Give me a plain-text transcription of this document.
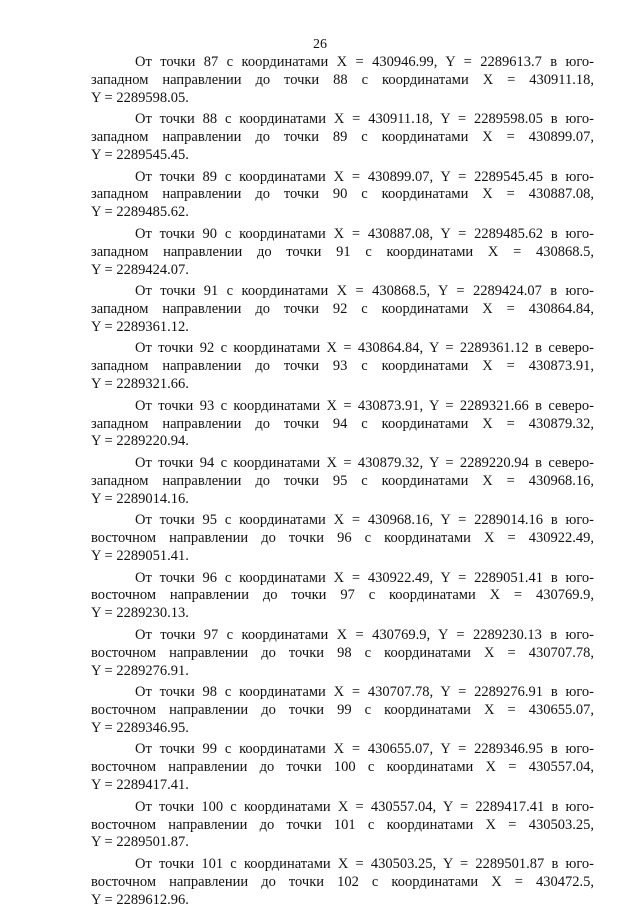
26

От точки 87 с координатами X = 430946.99, Y = 2289613.7 в юго-
западном направлении до точки 88 с координатами X = 430911.18,
Y = 2289598.05.

От точки 88 с координатами X = 430911.18, Y = 2289598.05 в юго-
западном направлении до точки 89 с координатами X = 430899.07,
Y = 2289545.45.

От точки 89 с координатами X = 430899.07, Y = 2289545.45 в юго-
западном направлении до точки 90 с координатами X = 430887.08,
Y = 2289485.62.

От точки 90 с координатами X = 430887.08, Y = 2289485.62 в юго-
западном направлении до точки 91 с координатами X = 430868.5,
Y = 2289424.07.

От точки 91 с координатами X = 430868.5, Y = 2289424.07 в юго-
западном направлении до точки 92 с координатами X = 430864.84,
Y = 2289361.12.

От точки 92 с координатами X = 430864.84, Y = 2289361.12 в северо-
западном направлении до точки 93 с координатами X = 430873.91,
Y = 2289321.66.

От точки 93 с координатами X = 430873.91, Y = 2289321.66 в северо-
западном направлении до точки 94 с координатами X = 430879.32,
Y = 2289220.94.

От точки 94 с координатами X = 430879.32, Y = 2289220.94 в северо-
западном направлении до точки 95 с координатами X = 430968.16,
Y = 2289014.16.

От точки 95 с координатами X = 430968.16, Y = 2289014.16 в юго-
восточном направлении до точки 96 с координатами X = 430922.49,
Y = 2289051.41.

От точки 96 с координатами X = 430922.49, Y = 2289051.41 в юго-
восточном направлении до точки 97 с координатами X = 430769.9,
Y = 2289230.13.

От точки 97 с координатами X = 430769.9, Y = 2289230.13 в юго-
восточном направлении до точки 98 с координатами X = 430707.78,
Y = 2289276.91.

От точки 98 с координатами X = 430707.78, Y = 2289276.91 в юго-
восточном направлении до точки 99 с координатами X = 430655.07,
Y = 2289346.95.

От точки 99 с координатами X = 430655.07, Y = 2289346.95 в юго-
восточном направлении до точки 100 с координатами X = 430557.04,
Y = 2289417.41.

От точки 100 с координатами X = 430557.04, Y = 2289417.41 в юго-
восточном направлении до точки 101 с координатами X = 430503.25,
Y = 2289501.87.

От точки 101 с координатами X = 430503.25, Y = 2289501.87 в юго-
восточном направлении до точки 102 с координатами X = 430472.5,
Y = 2289612.96.
